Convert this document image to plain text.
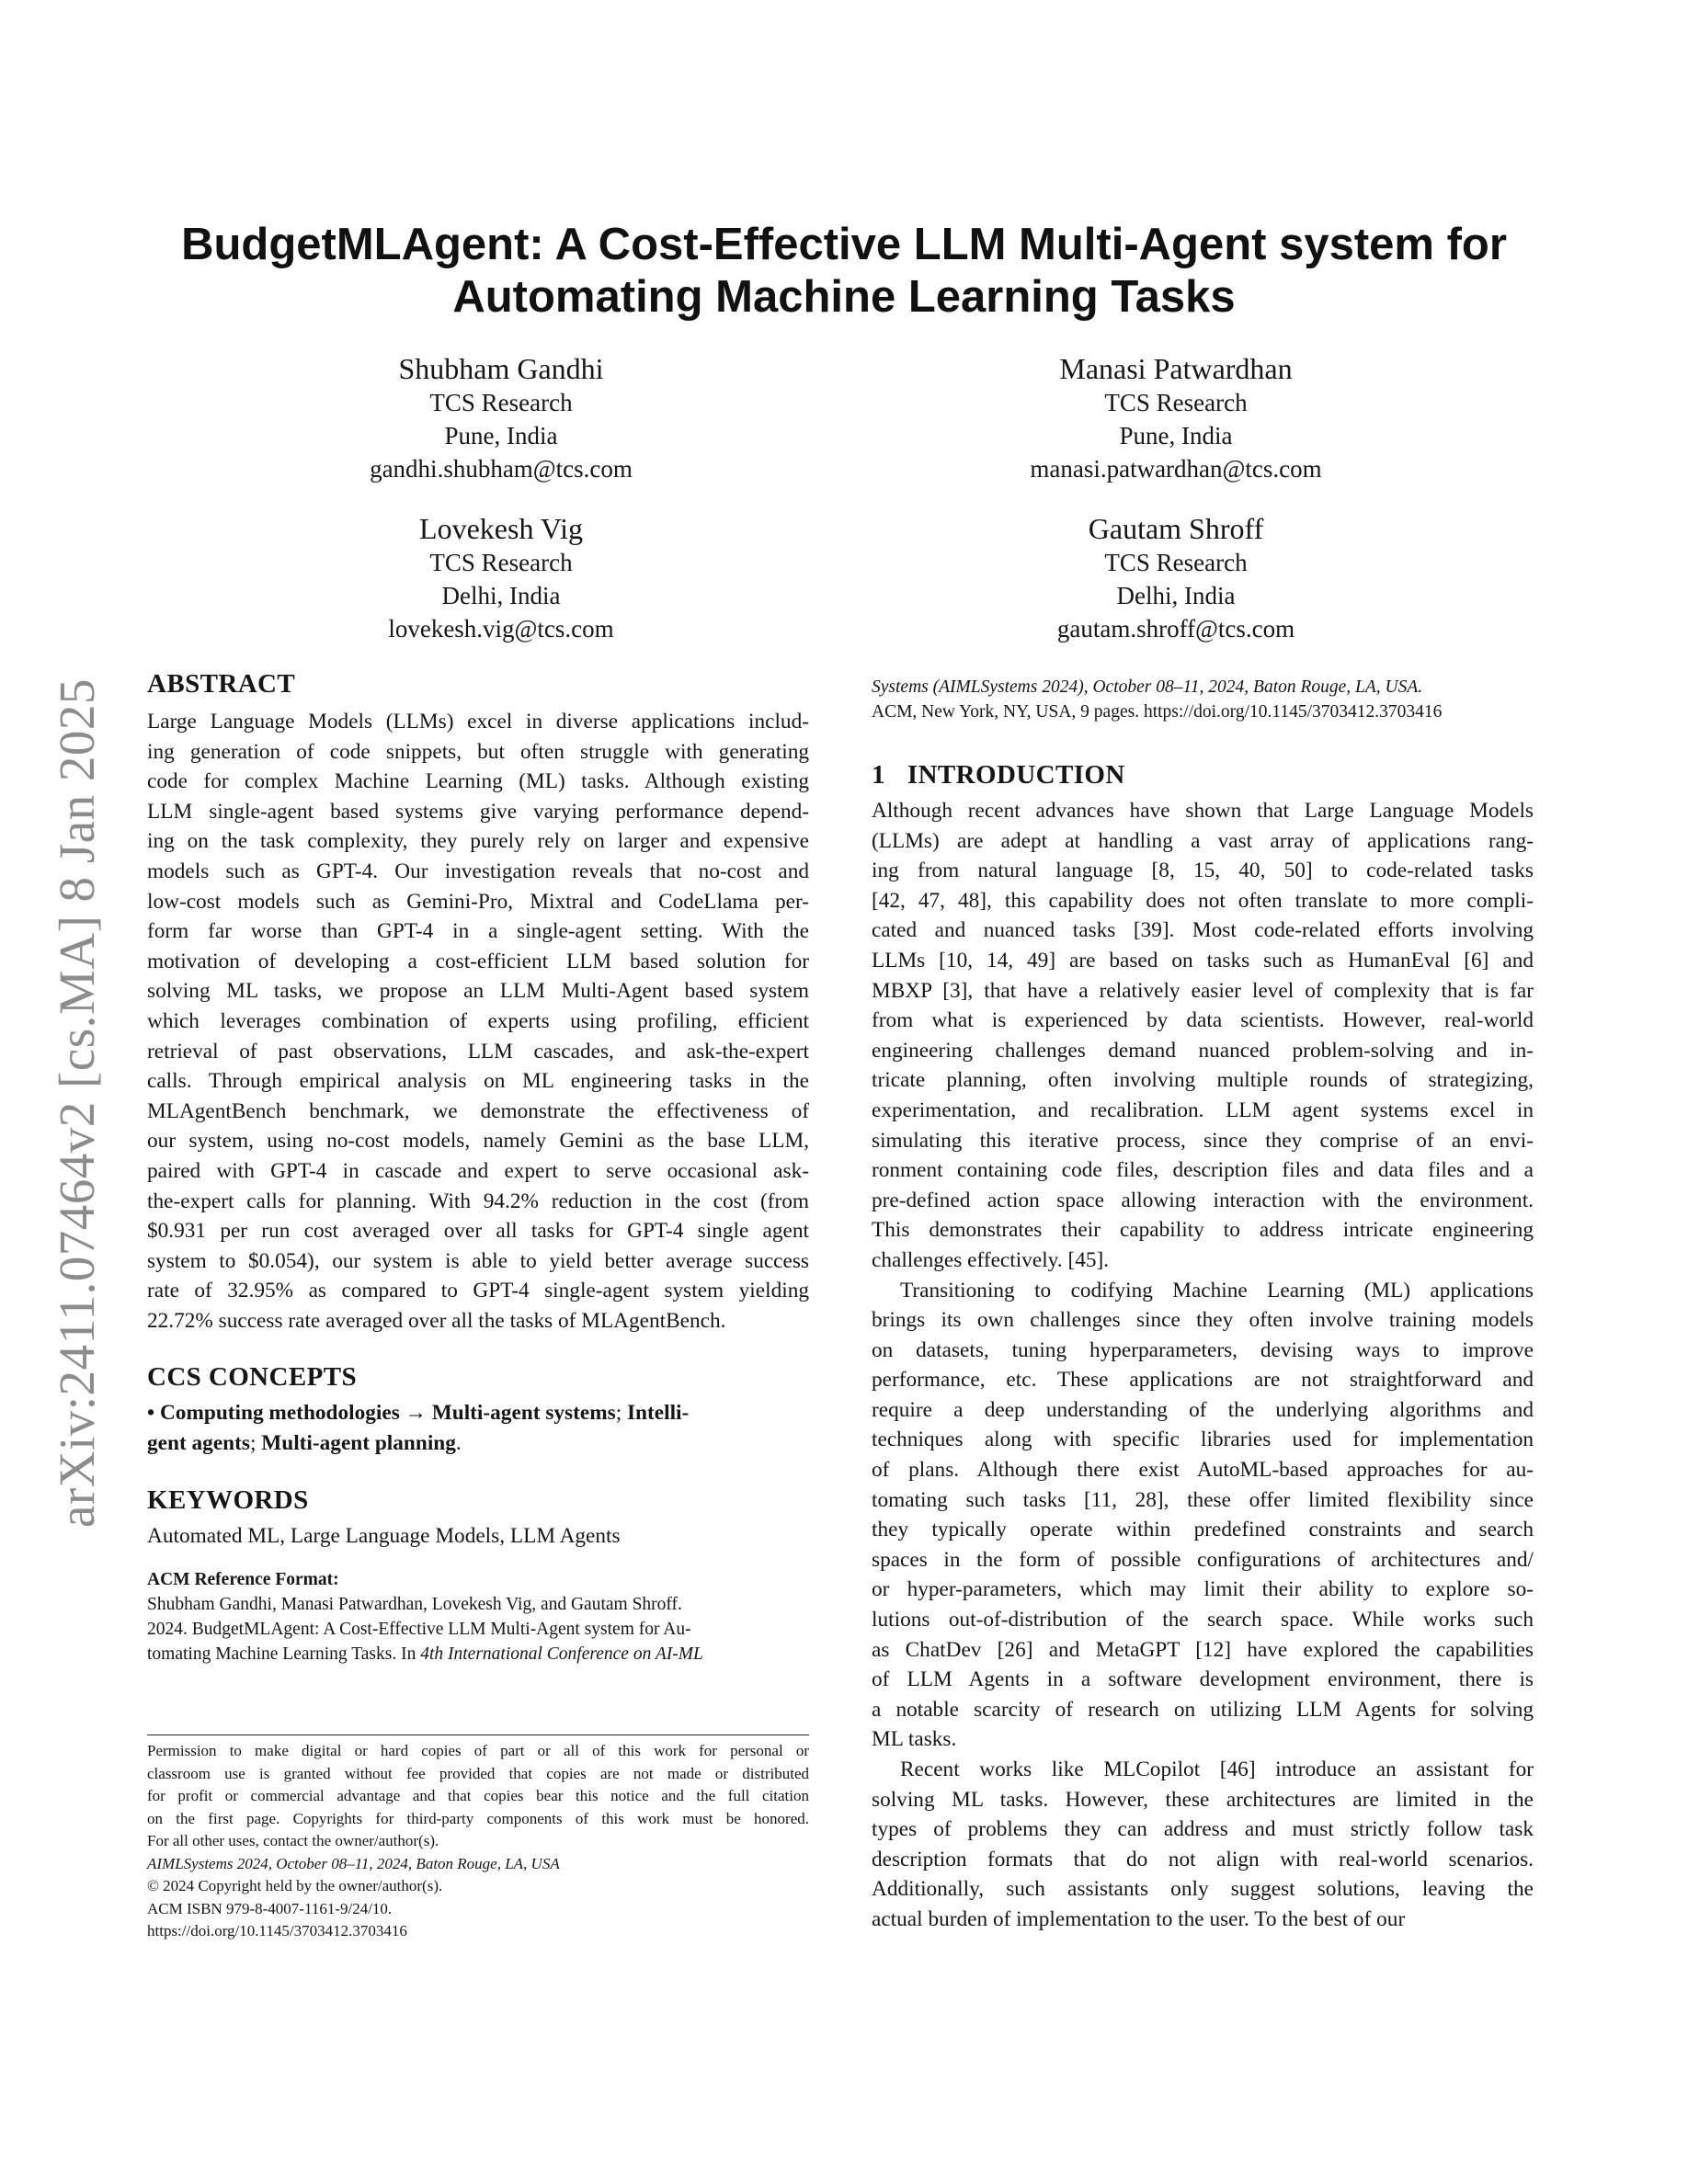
arXiv:2411.07464v2 [cs.MA] 8 Jan 2025
BudgetMLAgent: A Cost-Effective LLM Multi-Agent system for
Automating Machine Learning Tasks
Shubham Gandhi
TCS Research
Pune, India
gandhi.shubham@tcs.com
Manasi Patwardhan
TCS Research
Pune, India
manasi.patwardhan@tcs.com
Lovekesh Vig
TCS Research
Delhi, India
lovekesh.vig@tcs.com
Gautam Shroff
TCS Research
Delhi, India
gautam.shroff@tcs.com
ABSTRACT
Large Language Models (LLMs) excel in diverse applications includ-
ing generation of code snippets, but often struggle with generating
code for complex Machine Learning (ML) tasks. Although existing
LLM single-agent based systems give varying performance depend-
ing on the task complexity, they purely rely on larger and expensive
models such as GPT-4. Our investigation reveals that no-cost and
low-cost models such as Gemini-Pro, Mixtral and CodeLlama per-
form far worse than GPT-4 in a single-agent setting. With the
motivation of developing a cost-efficient LLM based solution for
solving ML tasks, we propose an LLM Multi-Agent based system
which leverages combination of experts using profiling, efficient
retrieval of past observations, LLM cascades, and ask-the-expert
calls. Through empirical analysis on ML engineering tasks in the
MLAgentBench benchmark, we demonstrate the effectiveness of
our system, using no-cost models, namely Gemini as the base LLM,
paired with GPT-4 in cascade and expert to serve occasional ask-
the-expert calls for planning. With 94.2% reduction in the cost (from
$0.931 per run cost averaged over all tasks for GPT-4 single agent
system to $0.054), our system is able to yield better average success
rate of 32.95% as compared to GPT-4 single-agent system yielding
22.72% success rate averaged over all the tasks of MLAgentBench.
CCS CONCEPTS
• Computing methodologies → Multi-agent systems; Intelli-
gent agents; Multi-agent planning.
KEYWORDS
Automated ML, Large Language Models, LLM Agents
ACM Reference Format:
Shubham Gandhi, Manasi Patwardhan, Lovekesh Vig, and Gautam Shroff.
2024. BudgetMLAgent: A Cost-Effective LLM Multi-Agent system for Au-
tomating Machine Learning Tasks. In 4th International Conference on AI-ML
Permission to make digital or hard copies of part or all of this work for personal or
classroom use is granted without fee provided that copies are not made or distributed
for profit or commercial advantage and that copies bear this notice and the full citation
on the first page. Copyrights for third-party components of this work must be honored.
For all other uses, contact the owner/author(s).
AIMLSystems 2024, October 08–11, 2024, Baton Rouge, LA, USA
© 2024 Copyright held by the owner/author(s).
ACM ISBN 979-8-4007-1161-9/24/10.
https://doi.org/10.1145/3703412.3703416
Systems (AIMLSystems 2024), October 08–11, 2024, Baton Rouge, LA, USA.
ACM, New York, NY, USA, 9 pages. https://doi.org/10.1145/3703412.3703416
1 INTRODUCTION
Although recent advances have shown that Large Language Models
(LLMs) are adept at handling a vast array of applications rang-
ing from natural language [8, 15, 40, 50] to code-related tasks
[42, 47, 48], this capability does not often translate to more compli-
cated and nuanced tasks [39]. Most code-related efforts involving
LLMs [10, 14, 49] are based on tasks such as HumanEval [6] and
MBXP [3], that have a relatively easier level of complexity that is far
from what is experienced by data scientists. However, real-world
engineering challenges demand nuanced problem-solving and in-
tricate planning, often involving multiple rounds of strategizing,
experimentation, and recalibration. LLM agent systems excel in
simulating this iterative process, since they comprise of an envi-
ronment containing code files, description files and data files and a
pre-defined action space allowing interaction with the environment.
This demonstrates their capability to address intricate engineering
challenges effectively. [45].
Transitioning to codifying Machine Learning (ML) applications
brings its own challenges since they often involve training models
on datasets, tuning hyperparameters, devising ways to improve
performance, etc. These applications are not straightforward and
require a deep understanding of the underlying algorithms and
techniques along with specific libraries used for implementation
of plans. Although there exist AutoML-based approaches for au-
tomating such tasks [11, 28], these offer limited flexibility since
they typically operate within predefined constraints and search
spaces in the form of possible configurations of architectures and/
or hyper-parameters, which may limit their ability to explore so-
lutions out-of-distribution of the search space. While works such
as ChatDev [26] and MetaGPT [12] have explored the capabilities
of LLM Agents in a software development environment, there is
a notable scarcity of research on utilizing LLM Agents for solving
ML tasks.
Recent works like MLCopilot [46] introduce an assistant for
solving ML tasks. However, these architectures are limited in the
types of problems they can address and must strictly follow task
description formats that do not align with real-world scenarios.
Additionally, such assistants only suggest solutions, leaving the
actual burden of implementation to the user. To the best of our
